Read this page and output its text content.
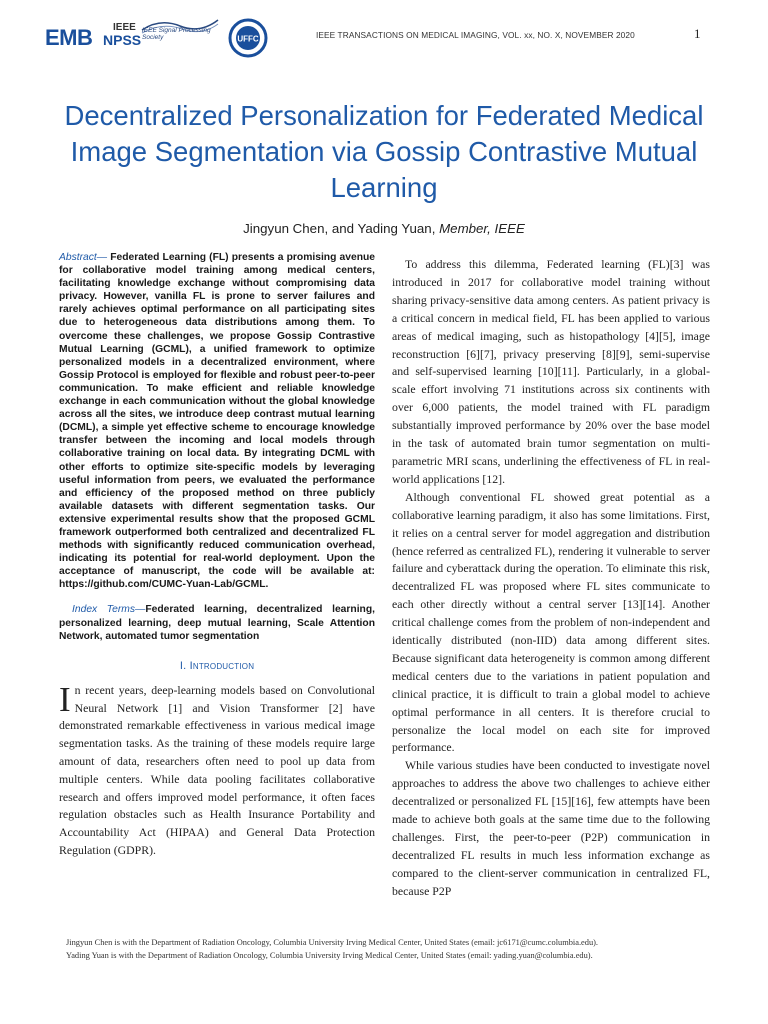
EMB IEEE
NPSS
IEEE Signal Processing Society	UFFC	IEEE TRANSACTIONS ON MEDICAL IMAGING, VOL. xx, NO. X, NOVEMBER 2020	1
Decentralized Personalization for Federated Medical Image Segmentation via Gossip Contrastive Mutual Learning
Jingyun Chen, and Yading Yuan, Member, IEEE

Abstract— Federated Learning (FL) presents a promising avenue for collaborative model training among medical centers, facilitating knowledge exchange without compromising data privacy. However, vanilla FL is prone to server failures and rarely achieves optimal performance on all participating sites due to heterogeneous data distributions among them. To overcome these challenges, we propose Gossip Contrastive Mutual Learning (GCML), a unified framework to optimize personalized models in a decentralized environment, where Gossip Protocol is employed for flexible and robust peer-to-peer communication. To make efficient and reliable knowledge exchange in each communication without the global knowledge across all the sites, we introduce deep contrast mutual learning (DCML), a simple yet effective scheme to encourage knowledge transfer between the incoming and local models through collaborative training on local data. By integrating DCML with other efforts to optimize site-specific models by leveraging useful information from peers, we evaluated the performance and efficiency of the proposed method on three publicly available datasets with different segmentation tasks. Our extensive experimental results show that the proposed GCML framework outperformed both centralized and decentralized FL methods with significantly reduced communication overhead, indicating its potential for real-world deployment. Upon the acceptance of manuscript, the code will be available at: https://github.com/CUMC-Yuan-Lab/GCML.

Index Terms—Federated learning, decentralized learning, personalized learning, deep mutual learning, Scale Attention Network, automated tumor segmentation

I. Introduction

In recent years, deep-learning models based on Convolutional Neural Network [1] and Vision Transformer [2] have demonstrated remarkable effectiveness in various medical image segmentation tasks. As the training of these models require large amount of data, researchers often need to pool up data from multiple centers. While data pooling facilitates collaborative research and offers improved model performance, it often faces regulation obstacles such as Health Insurance Portability and Accountability Act (HIPAA) and General Data Protection Regulation (GDPR).

To address this dilemma, Federated learning (FL)[3] was introduced in 2017 for collaborative model training without sharing privacy-sensitive data among centers. As patient privacy is a critical concern in medical field, FL has been applied to various areas of medical imaging, such as histopathology [4][5], image reconstruction [6][7], privacy preserving [8][9], semi-supervise and self-supervised learning [10][11]. Particularly, in a global-scale effort involving 71 institutions across six continents with over 6,000 patients, the model trained with FL paradigm substantially improved performance by 20% over the base model in the task of automated brain tumor segmentation on multi-parametric MRI scans, underlining the effectiveness of FL in real-world applications [12].

Although conventional FL showed great potential as a collaborative learning paradigm, it also has some limitations. First, it relies on a central server for model aggregation and distribution (hence referred as centralized FL), rendering it vulnerable to server failure and cyberattack during the operation. To eliminate this risk, decentralized FL was proposed where FL sites communicate to each other directly without a central server [13][14]. Another critical challenge comes from the problem of non-independent and identically distributed (non-IID) data among different sites. Because significant data heterogeneity is common among different medical centers due to the variations in patient population and clinical practice, it is difficult to train a global model to achieve optimal performance in all centers. It is therefore crucial to personalize the local model on each site for improved performance.

While various studies have been conducted to investigate novel approaches to address the above two challenges to achieve either decentralized or personalized FL [15][16], few attempts have been made to achieve both goals at the same time due to the following challenges. First, the peer-to-peer (P2P) communication in decentralized FL results in much less information exchange as compared to the client-server communication in centralized FL, because P2P

Jingyun Chen is with the Department of Radiation Oncology, Columbia University Irving Medical Center, United States (email: jc6171@cumc.columbia.edu).

Yading Yuan is with the Department of Radiation Oncology, Columbia University Irving Medical Center, United States (email: yading.yuan@columbia.edu).
